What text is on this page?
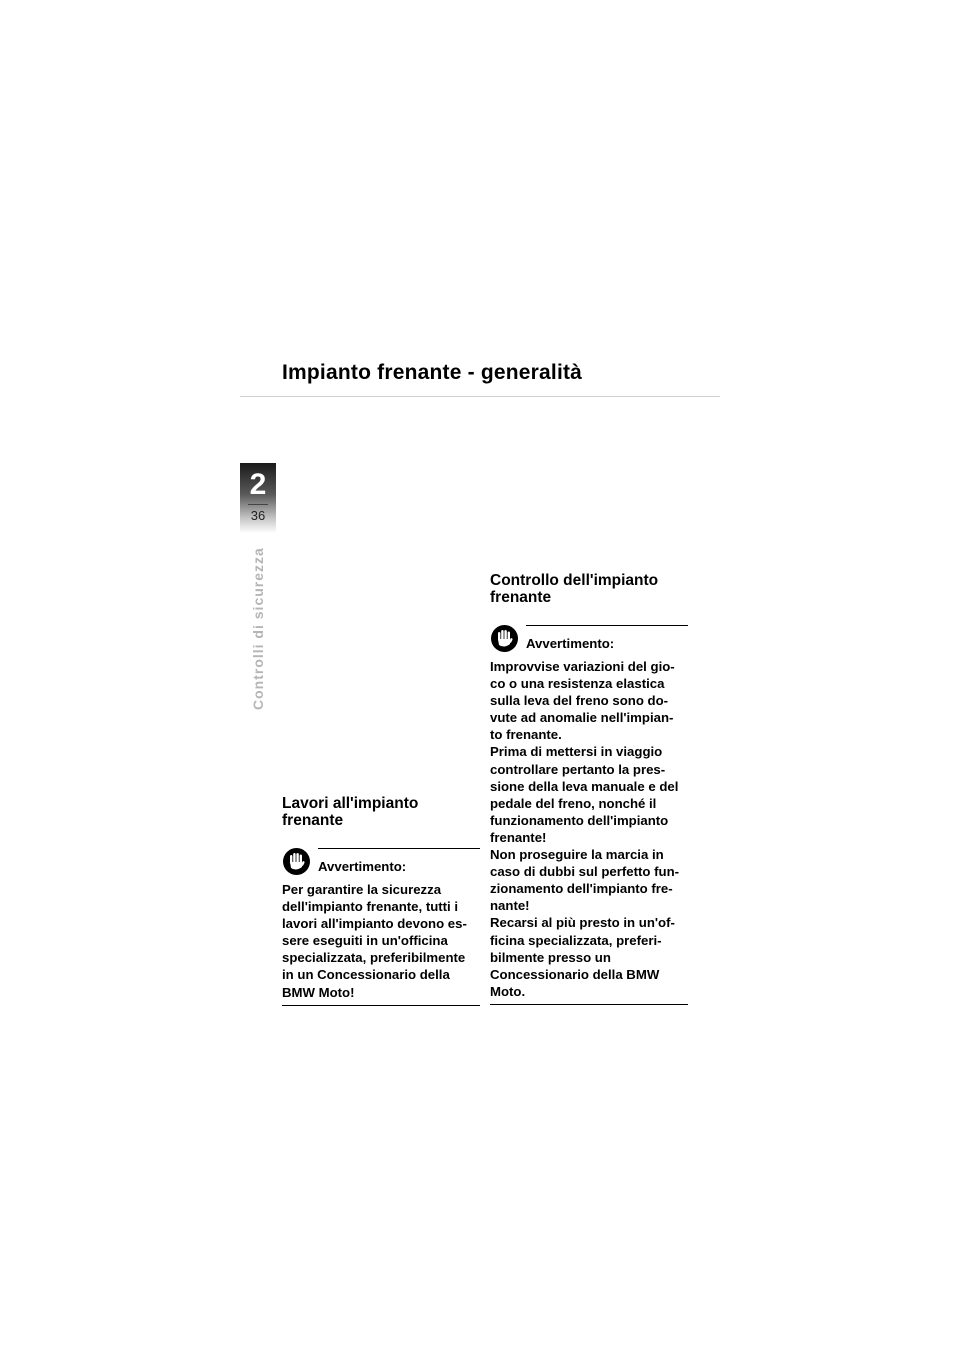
Impianto frenante - generalità
2
36
Controlli di sicurezza
Lavori all'impianto
frenante
Avvertimento:

Per garantire la sicurezza

dell'impianto frenante, tutti i

lavori all'impianto devono es-

sere eseguiti in un'officina

specializzata, preferibilmente

in un Concessionario della

BMW Moto!

Controllo dell'impianto
frenante
Avvertimento:

Improvvise variazioni del gio-

co o una resistenza elastica

sulla leva del freno sono do-

vute ad anomalie nell'impian-

to frenante.

Prima di mettersi in viaggio

controllare pertanto la pres-

sione della leva manuale e del

pedale del freno, nonché il

funzionamento dell'impianto

frenante!

Non proseguire la marcia in

caso di dubbi sul perfetto fun-

zionamento dell'impianto fre-

nante!

Recarsi al più presto in un'of-

ficina specializzata, preferi-

bilmente presso un

Concessionario della BMW

Moto.
